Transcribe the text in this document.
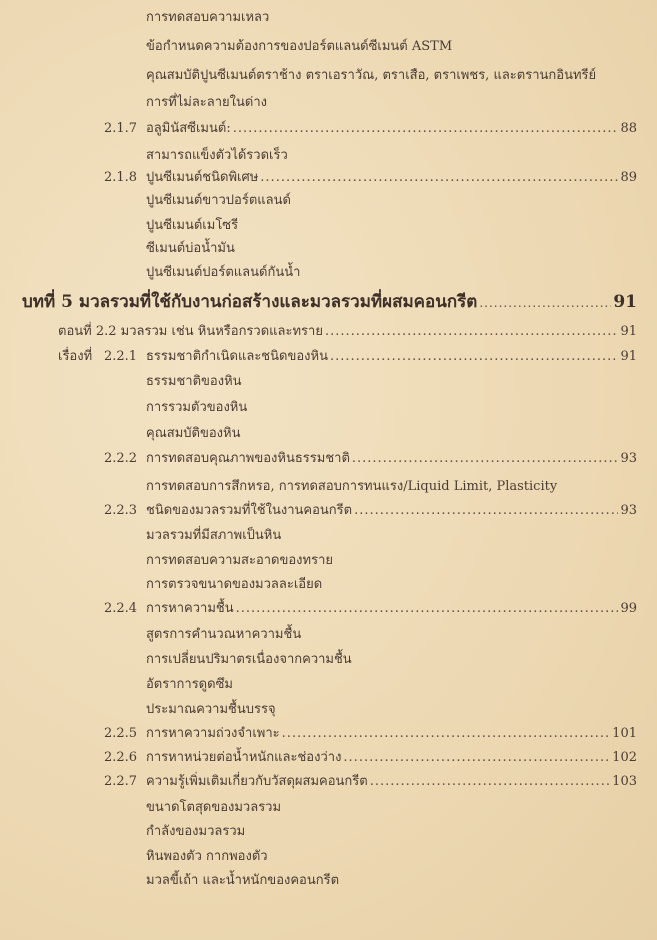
การทดสอบความเหลว
ข้อกำหนดความต้องการของปอร์ตแลนด์ซีเมนต์ ASTM
คุณสมบัติปูนซีเมนต์ตราช้าง ตราเอราวัณ, ตราเสือ, ตราเพชร, และตรานกอินทรีย์
การที่ไม่ละลายในด่าง
2.1.7 อลูมินัสซีเมนต์: .....	88
สามารถแข็งตัวได้รวดเร็ว
2.1.8 ปูนซีเมนต์ชนิดพิเศษ .....	89
ปูนซีเมนต์ขาวปอร์ตแลนด์
ปูนซีเมนต์เมโซรี
ซีเมนต์บ่อน้ำมัน
ปูนซีเมนต์ปอร์ตแลนด์กันน้ำ
บทที่ 5 มวลรวมที่ใช้กับงานก่อสร้างและมวลรวมที่ผสมคอนกรีต .....	91
ตอนที่ 2.2 มวลรวม เช่น หินหรือกรวดและทราย .....	91
เรื่องที่ 2.2.1 ธรรมชาติกำเนิดและชนิดของหิน .....	91
ธรรมชาติของหิน
การรวมตัวของหิน
คุณสมบัติของหิน
2.2.2 การทดสอบคุณภาพของหินธรรมชาติ .....	93
การทดสอบการสึกหรอ, การทดสอบการทนแรง/Liquid Limit, Plasticity
2.2.3 ชนิดของมวลรวมที่ใช้ในงานคอนกรีต .....	93
มวลรวมที่มีสภาพเป็นหิน
การทดสอบความสะอาดของทราย
การตรวจขนาดของมวลละเอียด
2.2.4 การหาความชื้น .....	99
สูตรการคำนวณหาความชื้น
การเปลี่ยนปริมาตรเนื่องจากความชื้น
อัตราการดูดซึม
ประมาณความชื้นบรรจุ
2.2.5 การหาความถ่วงจำเพาะ .....	101
2.2.6 การหาหน่วยต่อน้ำหนักและช่องว่าง .....	102
2.2.7 ความรู้เพิ่มเติมเกี่ยวกับวัสดุผสมคอนกรีต .....	103
ขนาดโตสุดของมวลรวม
กำลังของมวลรวม
หินพองตัว กากพองตัว
มวลขี้เถ้า และน้ำหนักของคอนกรีต
